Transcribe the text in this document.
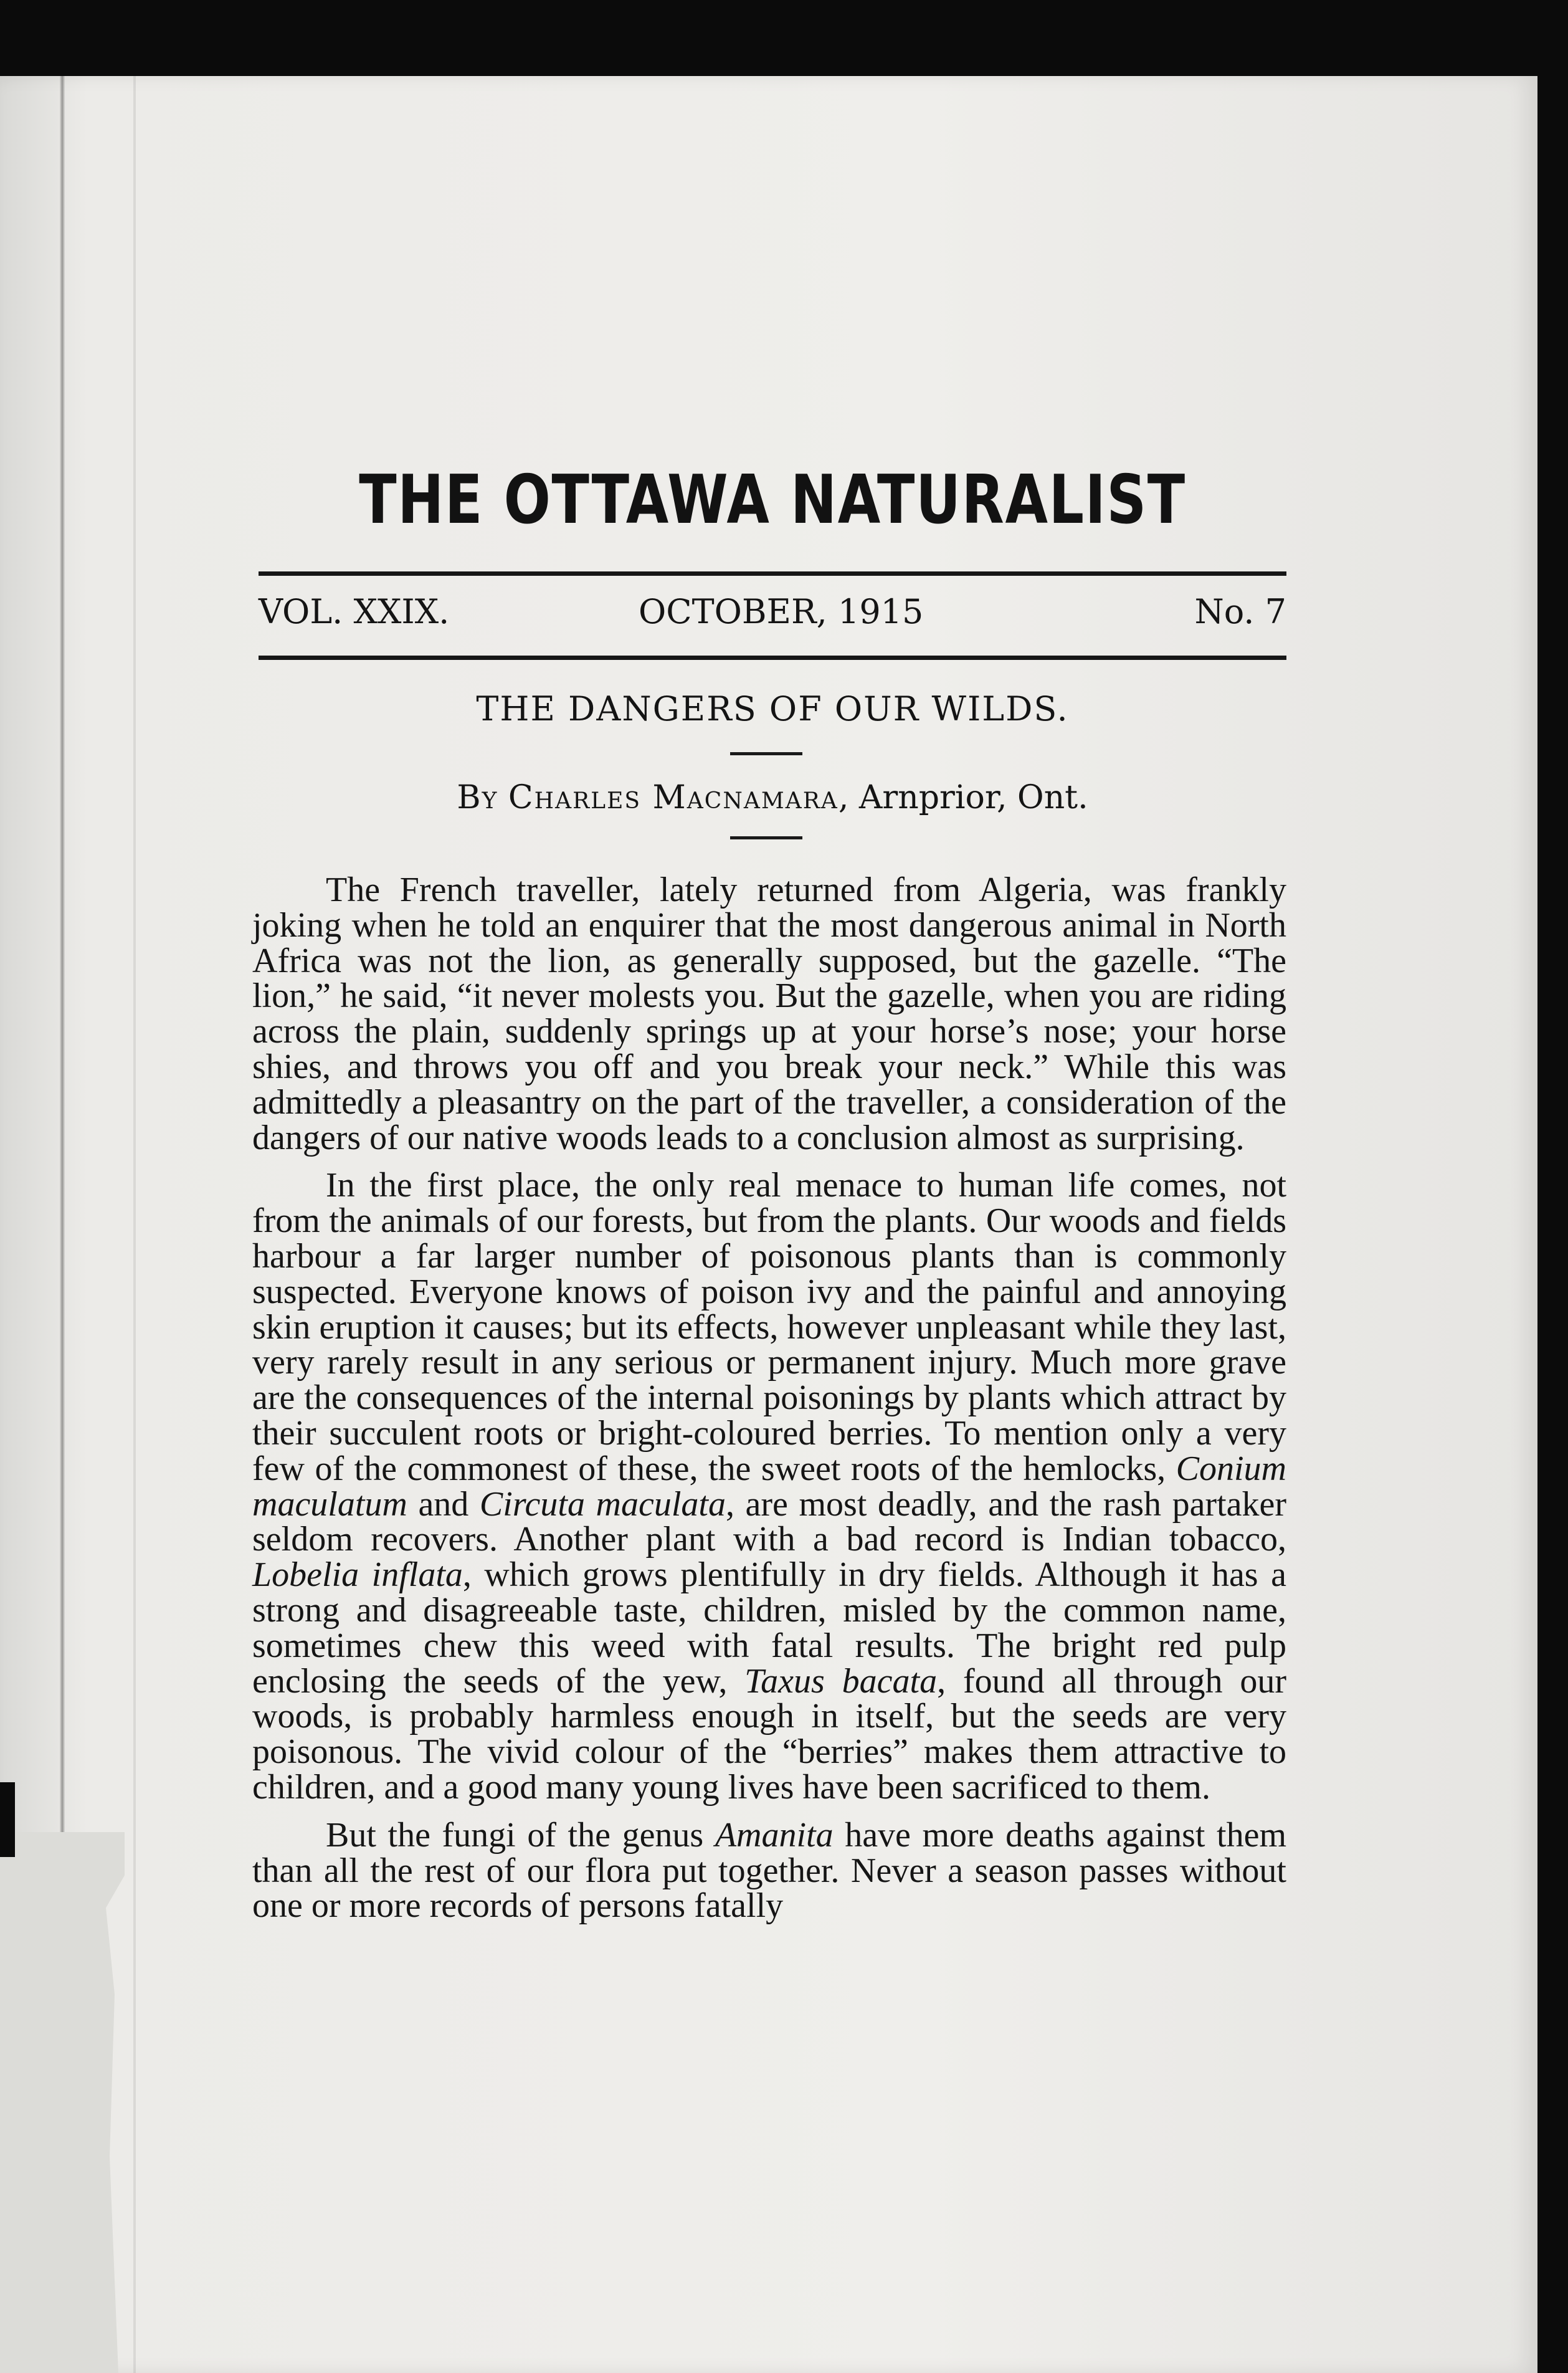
THE OTTAWA NATURALIST
VOL. XXIX.	OCTOBER, 1915	No. 7
THE DANGERS OF OUR WILDS.
By Charles Macnamara, Arnprior, Ont.

The French traveller, lately returned from Algeria, was frankly joking when he told an enquirer that the most dangerous animal in North Africa was not the lion, as generally supposed, but the gazelle. “The lion,” he said, “it never molests you. But the gazelle, when you are riding across the plain, suddenly springs up at your horse’s nose; your horse shies, and throws you off and you break your neck.” While this was admittedly a pleasantry on the part of the traveller, a consideration of the dangers of our native woods leads to a conclusion almost as surprising.

In the first place, the only real menace to human life comes, not from the animals of our forests, but from the plants. Our woods and fields harbour a far larger number of poisonous plants than is commonly suspected. Everyone knows of poison ivy and the painful and annoying skin eruption it causes; but its effects, however unpleasant while they last, very rarely result in any serious or permanent injury. Much more grave are the consequences of the internal poisonings by plants which attract by their succulent roots or bright-coloured berries. To mention only a very few of the commonest of these, the sweet roots of the hemlocks, Conium maculatum and Circuta maculata, are most deadly, and the rash partaker seldom recovers. Another plant with a bad record is Indian tobacco, Lobelia inflata, which grows plentifully in dry fields. Although it has a strong and disagreeable taste, children, misled by the common name, sometimes chew this weed with fatal results. The bright red pulp enclosing the seeds of the yew, Taxus bacata, found all through our woods, is probably harmless enough in itself, but the seeds are very poisonous. The vivid colour of the “berries” makes them attractive to children, and a good many young lives have been sacrificed to them.

But the fungi of the genus Amanita have more deaths against them than all the rest of our flora put together. Never a season passes without one or more records of persons fatally
